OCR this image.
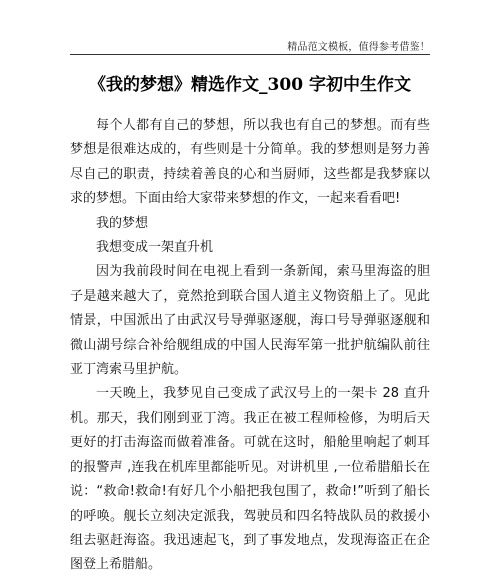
精品范文模板，值得参考借鉴！
《我的梦想》精选作文_300 字初中生作文

每个人都有自己的梦想，所以我也有自己的梦想。而有些梦想是很难达成的，有些则是十分简单。我的梦想则是努力善尽自己的职责，持续着善良的心和当厨师，这些都是我梦寐以求的梦想。下面由给大家带来梦想的作文，一起来看看吧!

我的梦想

我想变成一架直升机

因为我前段时间在电视上看到一条新闻，索马里海盗的胆子是越来越大了，竟然抢到联合国人道主义物资船上了。见此情景，中国派出了由武汉号导弹驱逐舰，海口号导弹驱逐舰和微山湖号综合补给舰组成的中国人民海军第一批护航编队前往亚丁湾索马里护航。

一天晚上，我梦见自己变成了武汉号上的一架卡 28 直升机。那天，我们刚到亚丁湾。我正在被工程师检修，为明后天更好的打击海盗而做着准备。可就在这时，船舱里响起了刺耳的报警声 ,连我在机库里都能听见。对讲机里 ,一位希腊船长在说：“救命!救命!有好几个小船把我包围了，救命!”听到了船长的呼唤。舰长立刻决定派我，驾驶员和四名特战队员的救援小组去驱赶海盗。我迅速起飞，到了事发地点，发现海盗正在企图登上希腊船。
